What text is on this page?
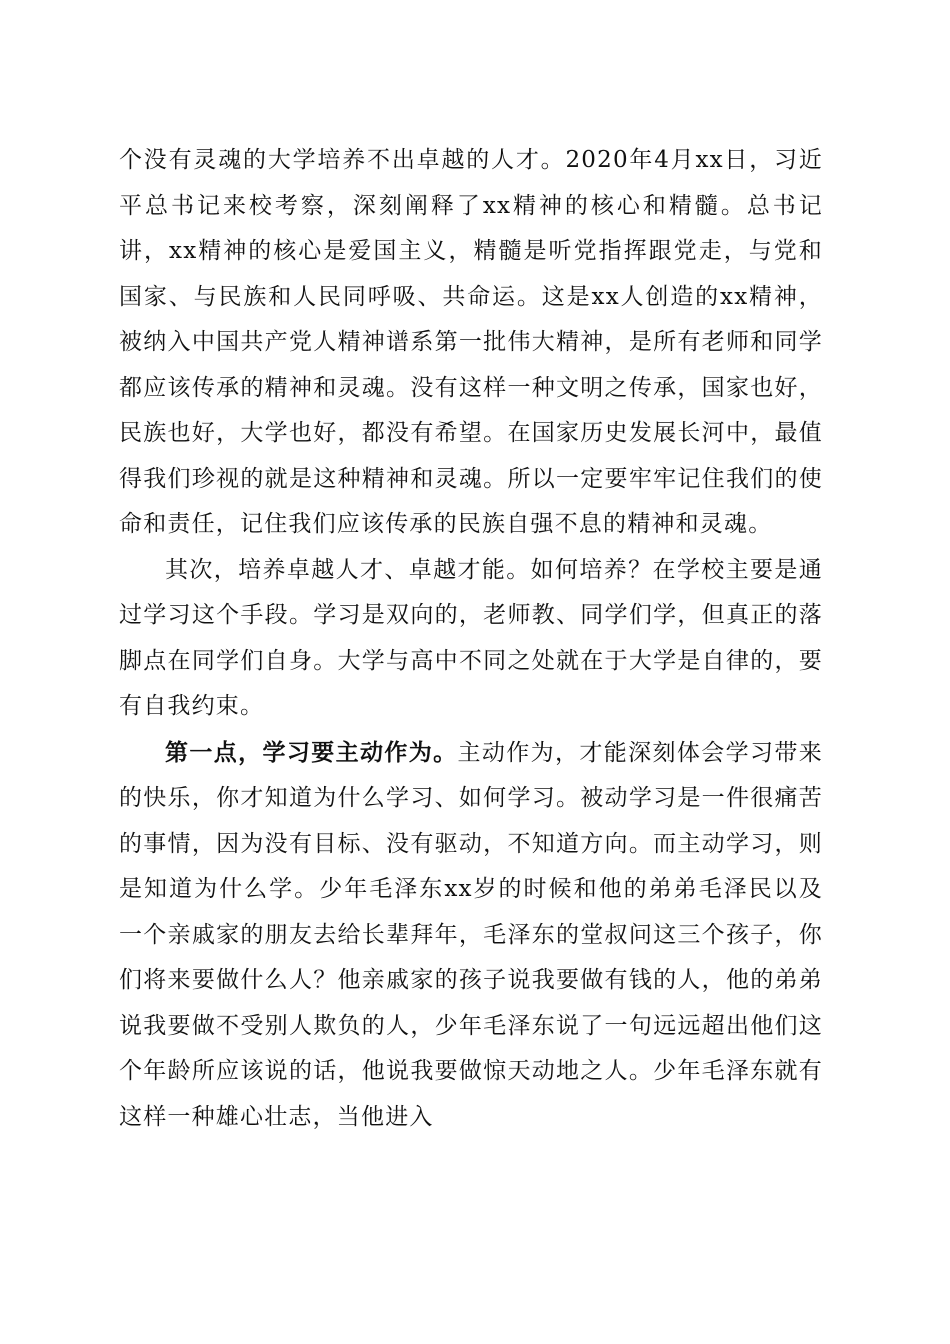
个没有灵魂的大学培养不出卓越的人才。2020年4月xx日，习近平总书记来校考察，深刻阐释了xx精神的核心和精髓。总书记讲，xx精神的核心是爱国主义，精髓是听党指挥跟党走，与党和国家、与民族和人民同呼吸、共命运。这是xx人创造的xx精神，被纳入中国共产党人精神谱系第一批伟大精神，是所有老师和同学都应该传承的精神和灵魂。没有这样一种文明之传承，国家也好，民族也好，大学也好，都没有希望。在国家历史发展长河中，最值得我们珍视的就是这种精神和灵魂。所以一定要牢牢记住我们的使命和责任，记住我们应该传承的民族自强不息的精神和灵魂。

其次，培养卓越人才、卓越才能。如何培养？在学校主要是通过学习这个手段。学习是双向的，老师教、同学们学，但真正的落脚点在同学们自身。大学与高中不同之处就在于大学是自律的，要有自我约束。

第一点，学习要主动作为。主动作为，才能深刻体会学习带来的快乐，你才知道为什么学习、如何学习。被动学习是一件很痛苦的事情，因为没有目标、没有驱动，不知道方向。而主动学习，则是知道为什么学。少年毛泽东xx岁的时候和他的弟弟毛泽民以及一个亲戚家的朋友去给长辈拜年，毛泽东的堂叔问这三个孩子，你们将来要做什么人？他亲戚家的孩子说我要做有钱的人，他的弟弟说我要做不受别人欺负的人，少年毛泽东说了一句远远超出他们这个年龄所应该说的话，他说我要做惊天动地之人。少年毛泽东就有这样一种雄心壮志，当他进入
